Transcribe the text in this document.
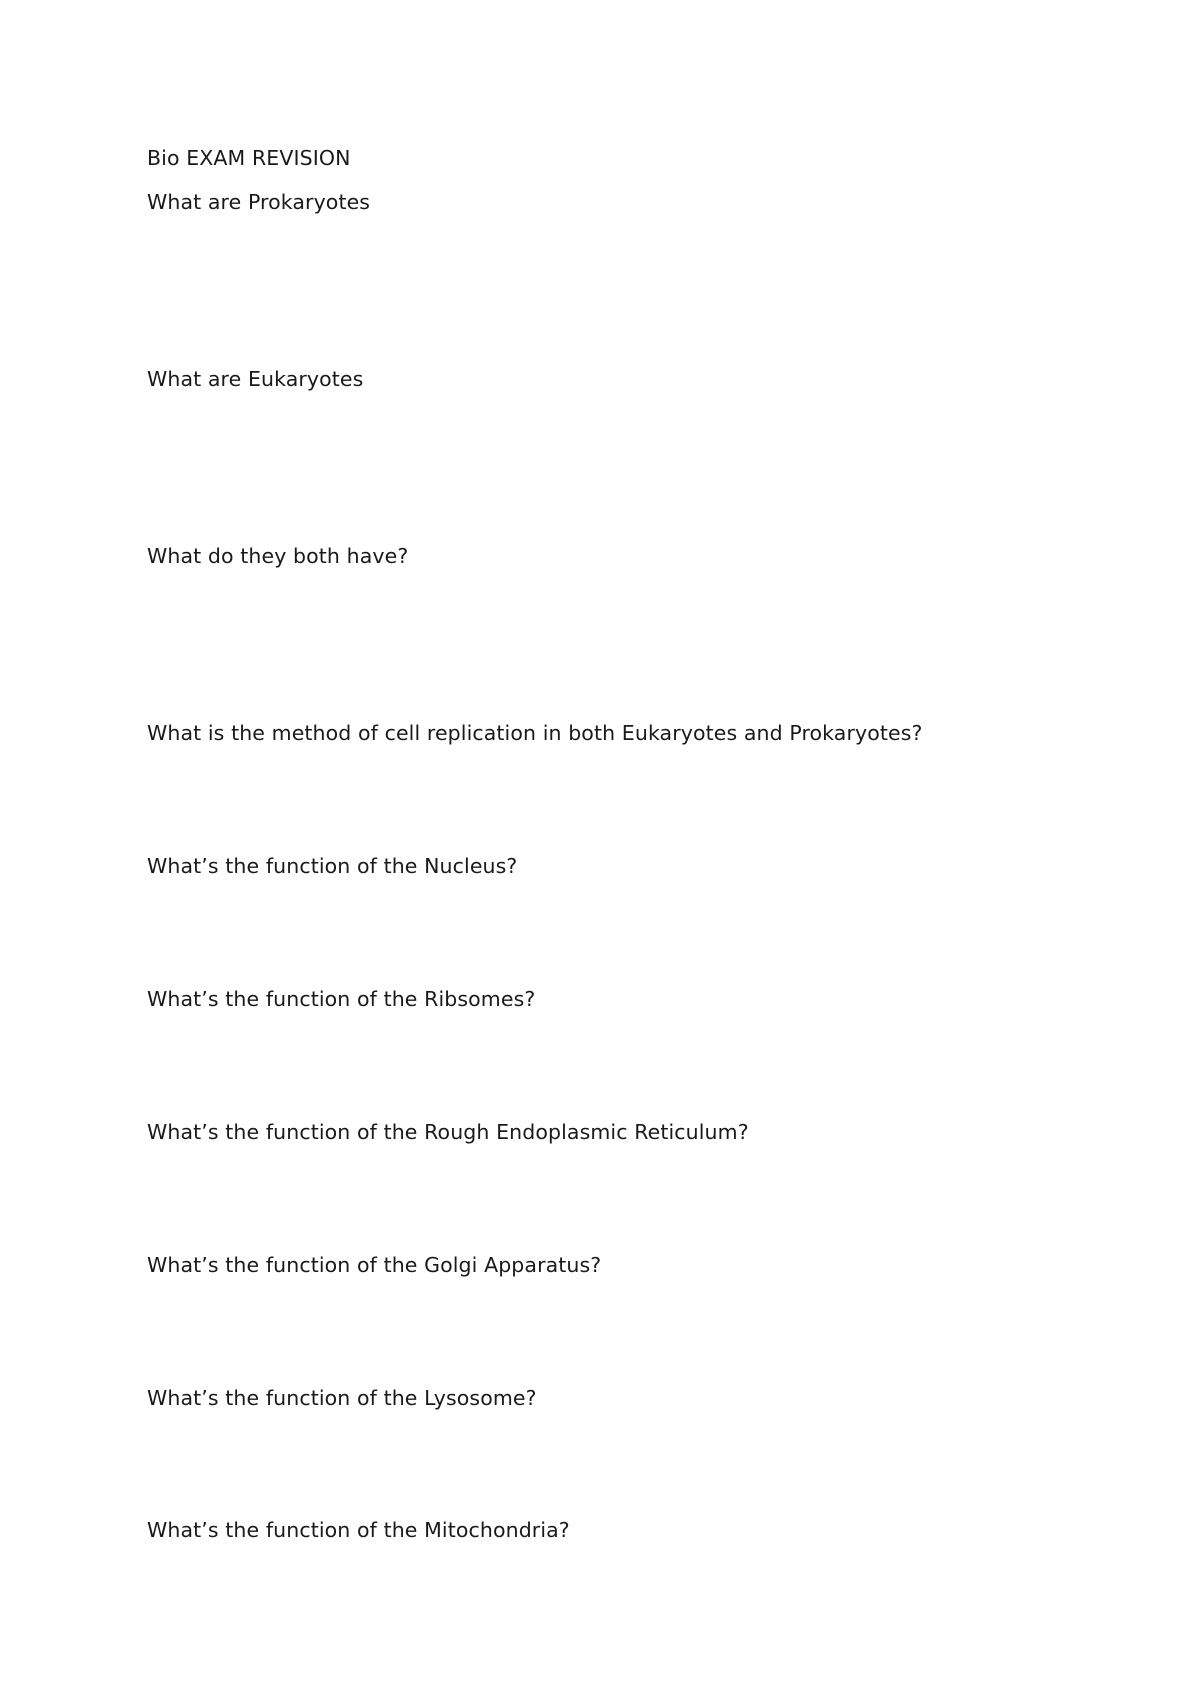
Bio EXAM REVISION
What are Prokaryotes
What are Eukaryotes
What do they both have?
What is the method of cell replication in both Eukaryotes and Prokaryotes?
What’s the function of the Nucleus?
What’s the function of the Ribsomes?
What’s the function of the Rough Endoplasmic Reticulum?
What’s the function of the Golgi Apparatus?
What’s the function of the Lysosome?
What’s the function of the Mitochondria?
